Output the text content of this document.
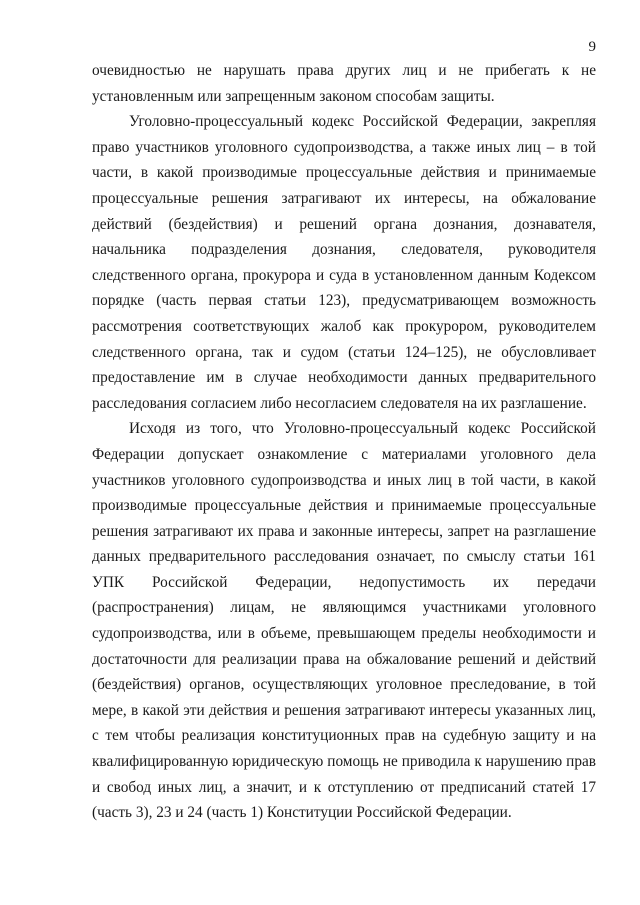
9

очевидностью не нарушать права других лиц и не прибегать к не установленным или запрещенным законом способам защиты.

Уголовно-процессуальный кодекс Российской Федерации, закрепляя право участников уголовного судопроизводства, а также иных лиц – в той части, в какой производимые процессуальные действия и принимаемые процессуальные решения затрагивают их интересы, на обжалование действий (бездействия) и решений органа дознания, дознавателя, начальника подразделения дознания, следователя, руководителя следственного органа, прокурора и суда в установленном данным Кодексом порядке (часть первая статьи 123), предусматривающем возможность рассмотрения соответствующих жалоб как прокурором, руководителем следственного органа, так и судом (статьи 124–125), не обусловливает предоставление им в случае необходимости данных предварительного расследования согласием либо несогласием следователя на их разглашение.

Исходя из того, что Уголовно-процессуальный кодекс Российской Федерации допускает ознакомление с материалами уголовного дела участников уголовного судопроизводства и иных лиц в той части, в какой производимые процессуальные действия и принимаемые процессуальные решения затрагивают их права и законные интересы, запрет на разглашение данных предварительного расследования означает, по смыслу статьи 161 УПК Российской Федерации, недопустимость их передачи (распространения) лицам, не являющимся участниками уголовного судопроизводства, или в объеме, превышающем пределы необходимости и достаточности для реализации права на обжалование решений и действий (бездействия) органов, осуществляющих уголовное преследование, в той мере, в какой эти действия и решения затрагивают интересы указанных лиц, с тем чтобы реализация конституционных прав на судебную защиту и на квалифицированную юридическую помощь не приводила к нарушению прав и свобод иных лиц, а значит, и к отступлению от предписаний статей 17 (часть 3), 23 и 24 (часть 1) Конституции Российской Федерации.
